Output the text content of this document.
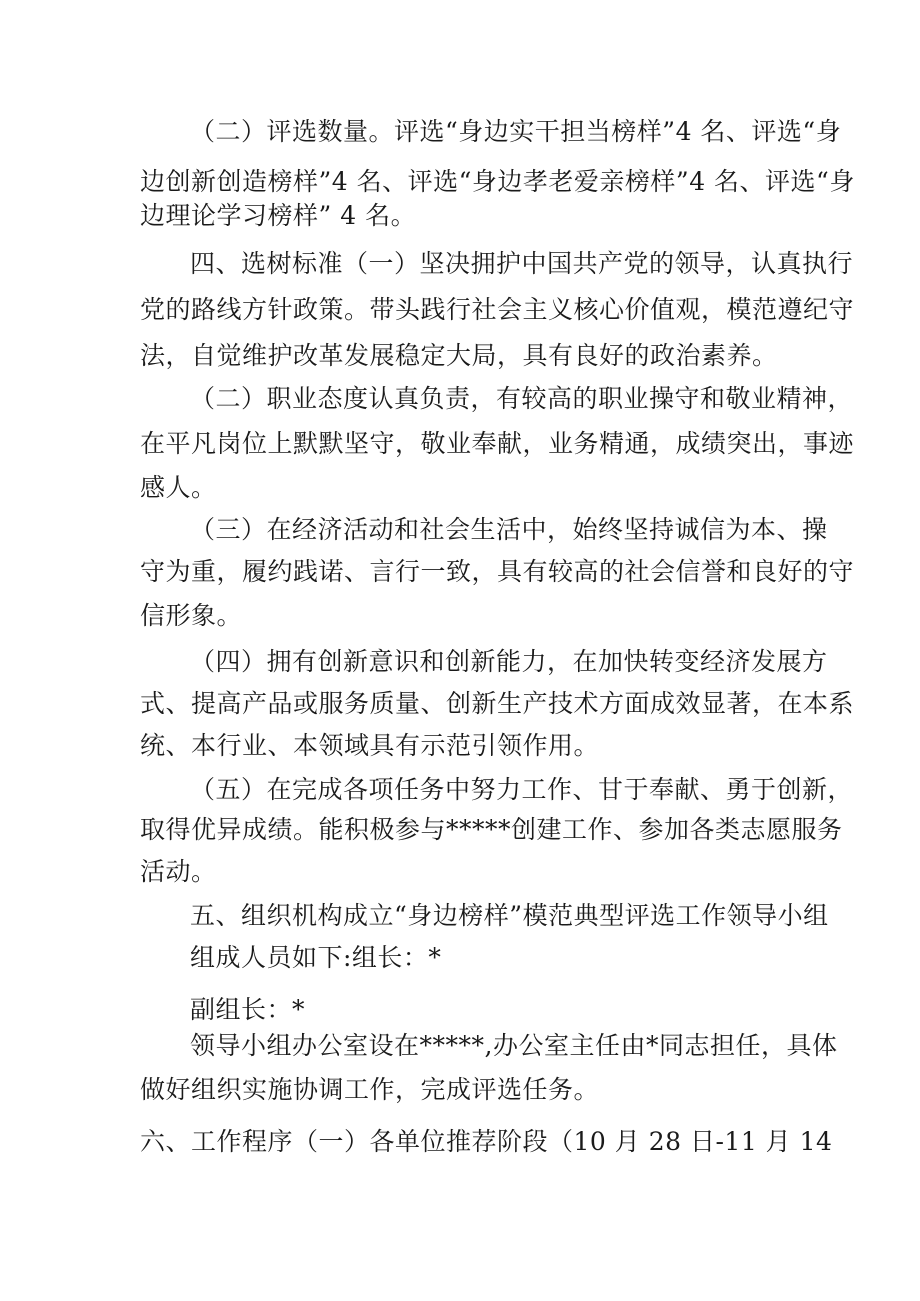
（二）评选数量。评选“身边实干担当榜样”4 名、评选“身
边创新创造榜样”4 名、评选“身边孝老爱亲榜样”4 名、评选“身
边理论学习榜样” 4 名。
四、选树标准（一）坚决拥护中国共产党的领导，认真执行
党的路线方针政策。带头践行社会主义核心价值观，模范遵纪守
法，自觉维护改革发展稳定大局，具有良好的政治素养。
（二）职业态度认真负责，有较高的职业操守和敬业精神，
在平凡岗位上默默坚守，敬业奉献，业务精通，成绩突出，事迹
感人。
（三）在经济活动和社会生活中，始终坚持诚信为本、操
守为重，履约践诺、言行一致，具有较高的社会信誉和良好的守
信形象。
（四）拥有创新意识和创新能力，在加快转变经济发展方
式、提高产品或服务质量、创新生产技术方面成效显著，在本系
统、本行业、本领域具有示范引领作用。
（五）在完成各项任务中努力工作、甘于奉献、勇于创新，
取得优异成绩。能积极参与*****创建工作、参加各类志愿服务
活动。
五、组织机构成立“身边榜样”模范典型评选工作领导小组
组成人员如下:组长：*
副组长：*
领导小组办公室设在*****,办公室主任由*同志担任，具体
做好组织实施协调工作，完成评选任务。
六、工作程序（一）各单位推荐阶段（10 月 28 日-11 月 14
